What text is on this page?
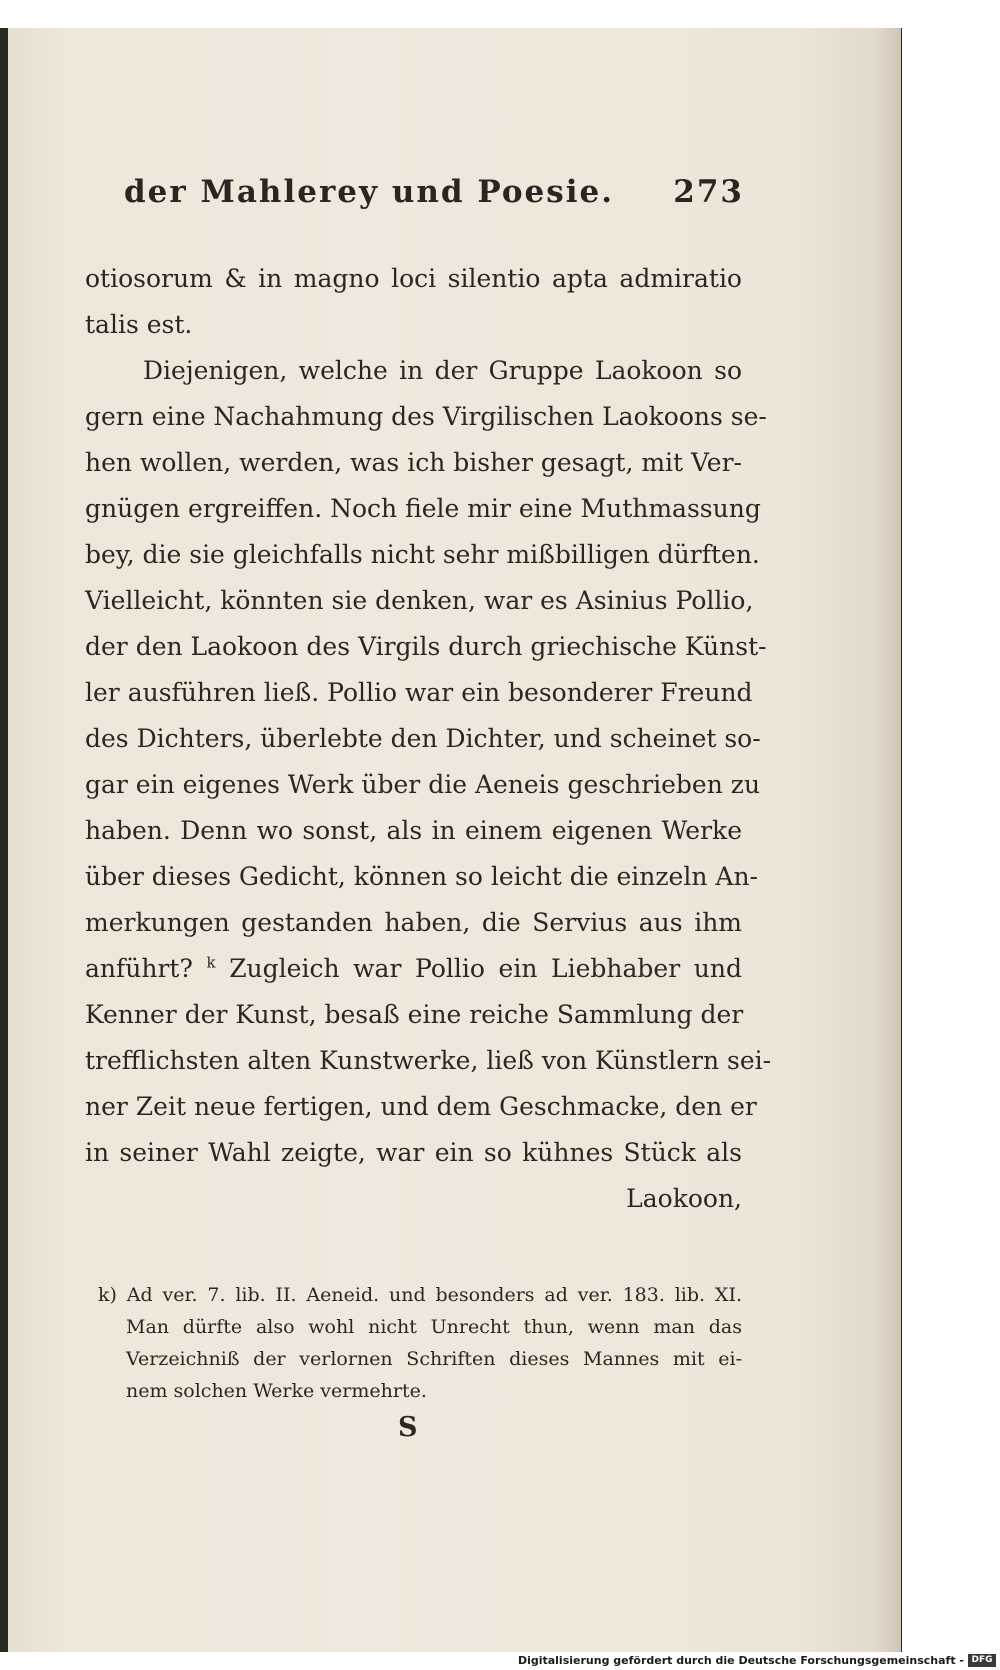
der Mahlerey und Poesie. 273
otiosorum & in magno loci silentio apta admiratio
talis est.
Diejenigen, welche in der Gruppe Laokoon so
gern eine Nachahmung des Virgilischen Laokoons se-
hen wollen, werden, was ich bisher gesagt, mit Ver-
gnügen ergreiffen. Noch fiele mir eine Muthmassung
bey, die sie gleichfalls nicht sehr mißbilligen dürften.
Vielleicht, könnten sie denken, war es Asinius Pollio,
der den Laokoon des Virgils durch griechische Künst-
ler ausführen ließ. Pollio war ein besonderer Freund
des Dichters, überlebte den Dichter, und scheinet so-
gar ein eigenes Werk über die Aeneis geschrieben zu
haben. Denn wo sonst, als in einem eigenen Werke
über dieses Gedicht, können so leicht die einzeln An-
merkungen gestanden haben, die Servius aus ihm
anführt? $^k$ Zugleich war Pollio ein Liebhaber und
Kenner der Kunst, besaß eine reiche Sammlung der
trefflichsten alten Kunstwerke, ließ von Künstlern sei-
ner Zeit neue fertigen, und dem Geschmacke, den er
in seiner Wahl zeigte, war ein so kühnes Stück als
Laokoon,
k) Ad ver. 7. lib. II. Aeneid. und besonders ad ver. 183. lib. XI.
Man dürfte also wohl nicht Unrecht thun, wenn man das
Verzeichniß der verlornen Schriften dieses Mannes mit ei-
nem solchen Werke vermehrte.
S
Digitalisierung gefördert durch die Deutsche Forschungsgemeinschaft - DFG
